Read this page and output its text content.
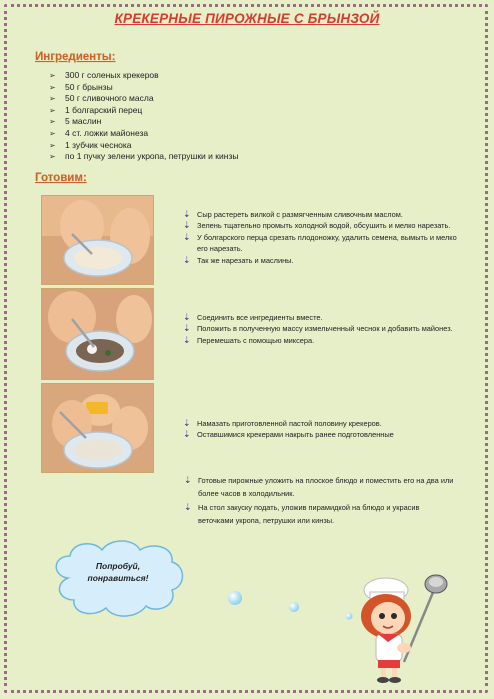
КРЕКЕРНЫЕ ПИРОЖНЫЕ С БРЫНЗОЙ
Ингредиенты:
➢ 300 г соленых крекеров
➢ 50 г брынзы
➢ 50 г сливочного масла
➢ 1 болгарский перец
➢ 5 маслин
➢ 4 ст. ложки майонеза
➢ 1 зубчик чеснока
➢ по 1 пучку зелени укропа, петрушки и кинзы
Готовим:
⇣ Сыр растереть вилкой с размягченным сливочным маслом.
⇣ Зелень тщательно промыть холодной водой, обсушить и мелко нарезать.
⇣ У болгарского перца срезать плодоножку, удалить семена, вымыть и мелко его нарезать.
⇣ Так же нарезать и маслины.
⇣ Соединить все ингредиенты вместе.
⇣ Положить в полученную массу измельченный чеснок и добавить майонез.
⇣ Перемешать с помощью миксера.
⇣ Намазать приготовленной пастой половину крекеров.
⇣ Оставшимися крекерами накрыть ранее подготовленные
⇣ Готовые пирожные уложить на плоское блюдо и поместить его на два или более часов в холодильник.
⇣ На стол закуску подать, уложив пирамидкой на блюдо и украсив веточками укропа, петрушки или кинзы.
Попробуй,
понравиться!
